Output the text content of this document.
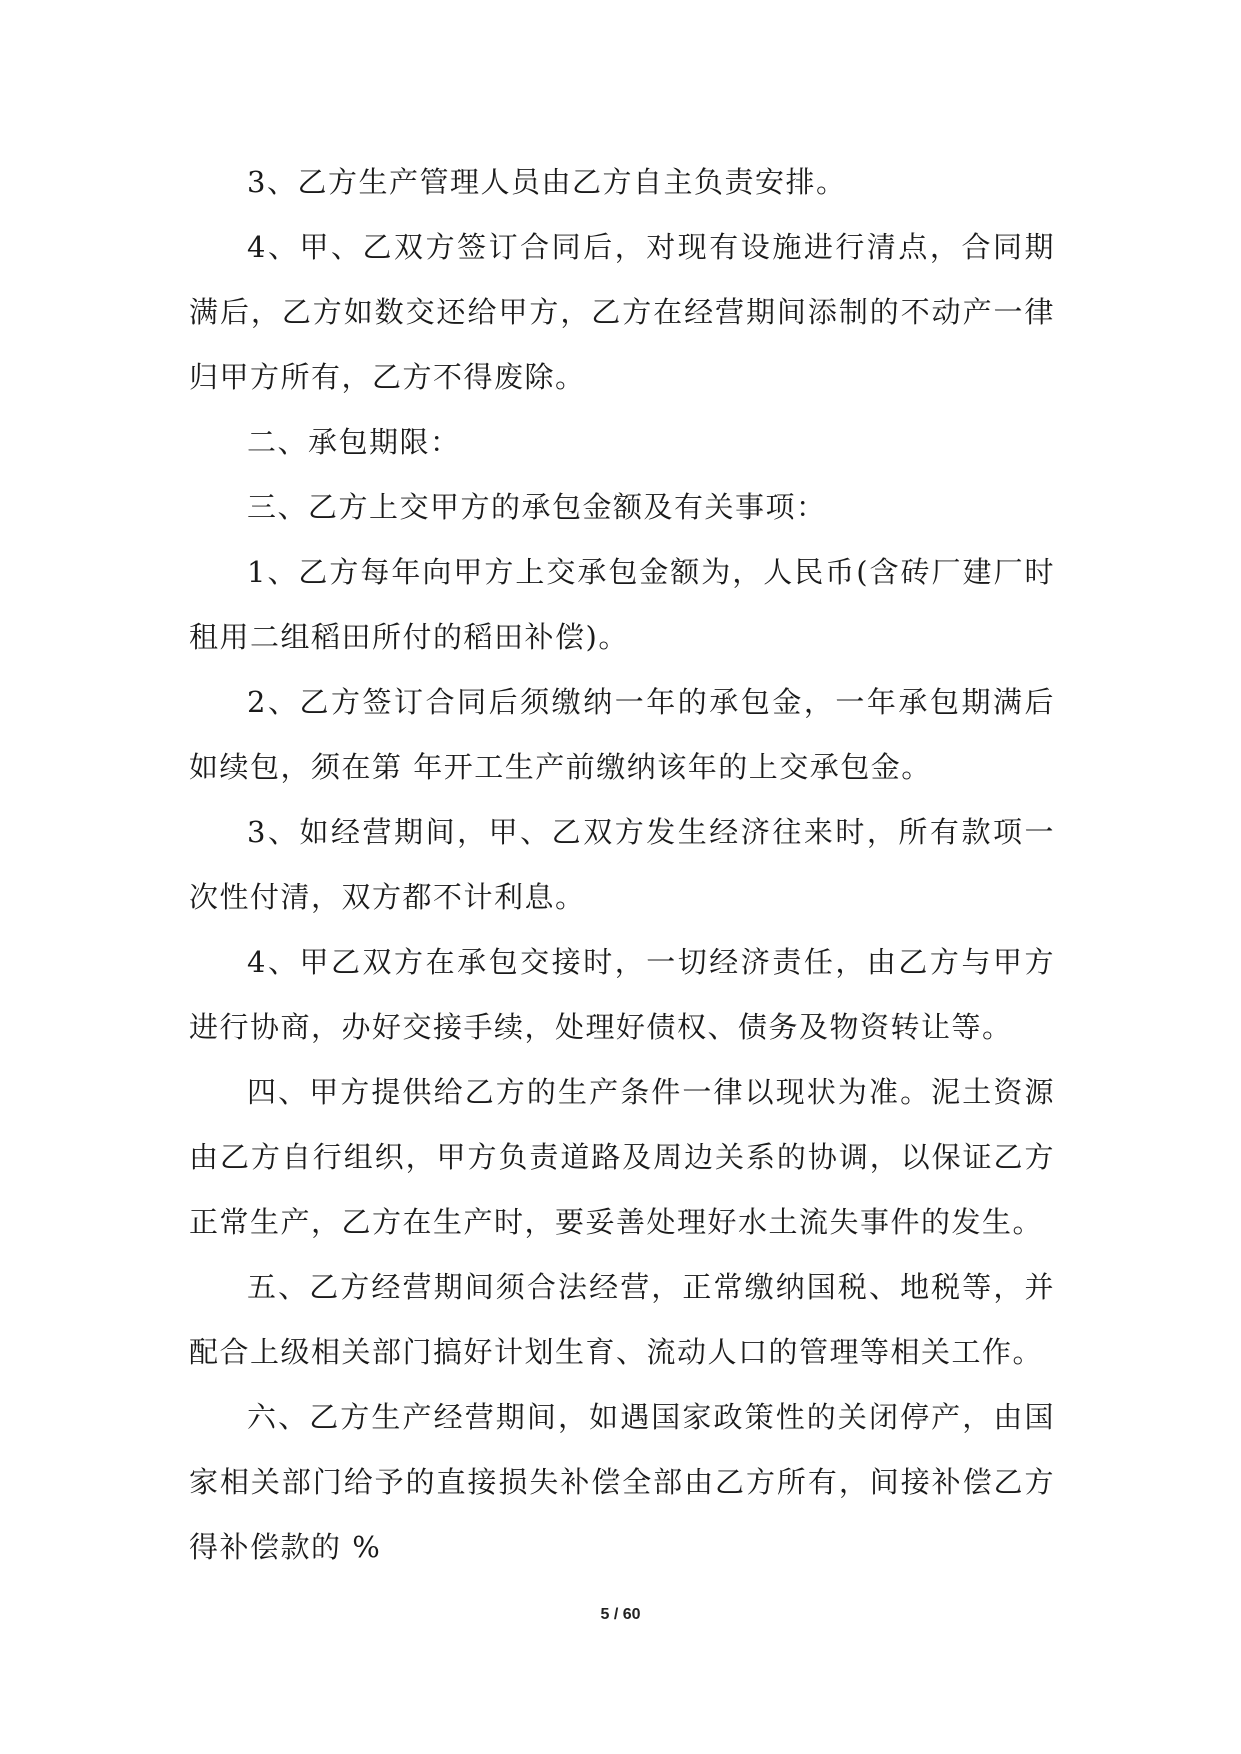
3、乙方生产管理人员由乙方自主负责安排。

4、甲、乙双方签订合同后，对现有设施进行清点，合同期满后，乙方如数交还给甲方，乙方在经营期间添制的不动产一律归甲方所有，乙方不得废除。

二、承包期限：

三、乙方上交甲方的承包金额及有关事项：

1、乙方每年向甲方上交承包金额为，人民币(含砖厂建厂时租用二组稻田所付的稻田补偿)。

2、乙方签订合同后须缴纳一年的承包金，一年承包期满后如续包，须在第 年开工生产前缴纳该年的上交承包金。

3、如经营期间，甲、乙双方发生经济往来时，所有款项一次性付清，双方都不计利息。

4、甲乙双方在承包交接时，一切经济责任，由乙方与甲方进行协商，办好交接手续，处理好债权、债务及物资转让等。

四、甲方提供给乙方的生产条件一律以现状为准。泥土资源由乙方自行组织，甲方负责道路及周边关系的协调，以保证乙方正常生产，乙方在生产时，要妥善处理好水土流失事件的发生。

五、乙方经营期间须合法经营，正常缴纳国税、地税等，并配合上级相关部门搞好计划生育、流动人口的管理等相关工作。

六、乙方生产经营期间，如遇国家政策性的关闭停产，由国家相关部门给予的直接损失补偿全部由乙方所有，间接补偿乙方得补偿款的 %

5 / 60
